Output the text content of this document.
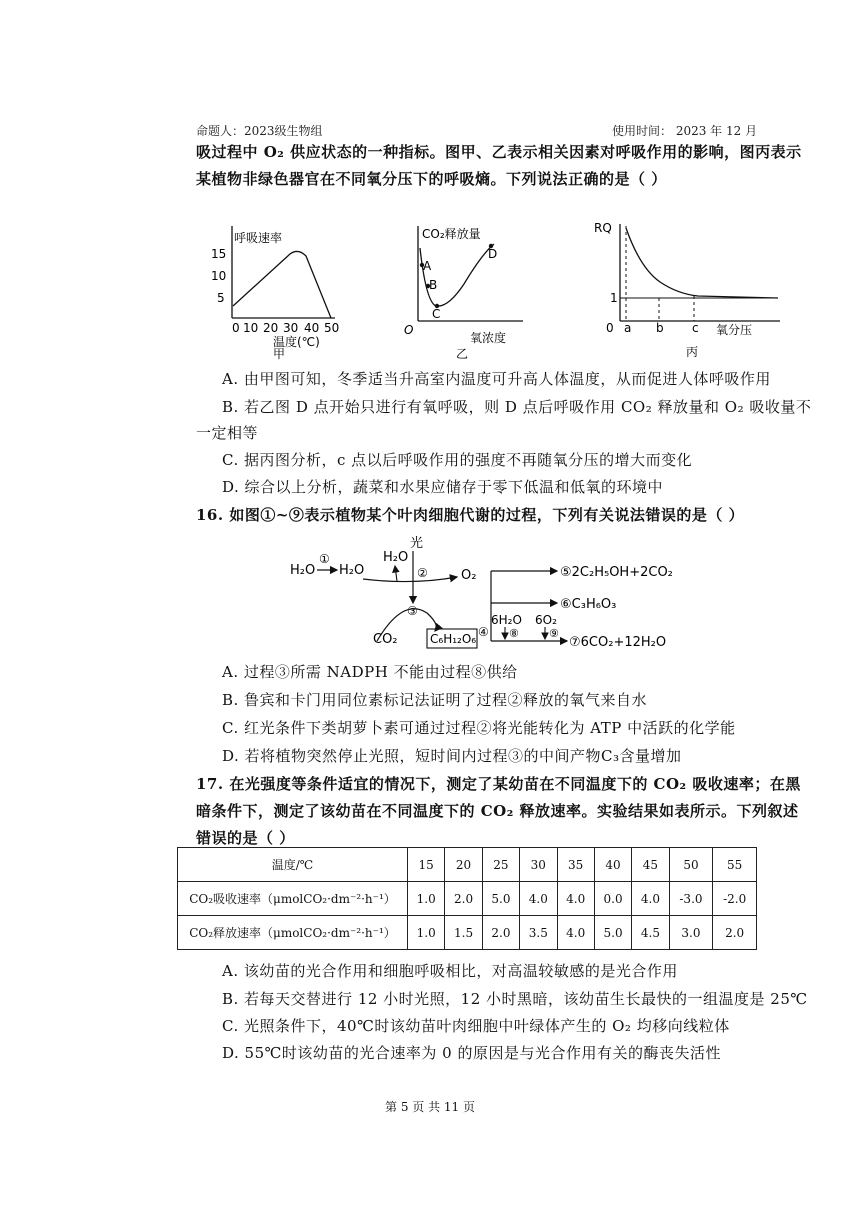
命题人：2023级生物组	使用时间： 2023 年 12 月
吸过程中 O₂ 供应状态的一种指标。图甲、乙表示相关因素对呼吸作用的影响，图丙表示
某植物非绿色器官在不同氧分压下的呼吸熵。下列说法正确的是（ ）
呼吸速率
15
10
5
0 10 20 30 40 50
温度(℃)
甲
CO₂释放量
A
B
C
D
O
氧浓度
乙
RQ
1
0 a b c 氧分压
丙
A. 由甲图可知，冬季适当升高室内温度可升高人体温度，从而促进人体呼吸作用
B. 若乙图 D 点开始只进行有氧呼吸，则 D 点后呼吸作用 CO₂ 释放量和 O₂ 吸收量不
一定相等
C. 据丙图分析，c 点以后呼吸作用的强度不再随氧分压的增大而变化
D. 综合以上分析，蔬菜和水果应储存于零下低温和低氧的环境中
16. 如图①~⑨表示植物某个叶肉细胞代谢的过程，下列有关说法错误的是（ ）
H₂O
①
H₂O
光
H₂O
②	O₂
③
CO₂	C₆H₁₂O₆ ④
⑤2C₂H₅OH+2CO₂
⑥C₃H₆O₃
6H₂O 6O₂
⑧	⑨
⑦6CO₂+12H₂O
A. 过程③所需 NADPH 不能由过程⑧供给
B. 鲁宾和卡门用同位素标记法证明了过程②释放的氧气来自水
C. 红光条件下类胡萝卜素可通过过程②将光能转化为 ATP 中活跃的化学能
D. 若将植物突然停止光照，短时间内过程③的中间产物C₃含量增加
17. 在光强度等条件适宜的情况下，测定了某幼苗在不同温度下的 CO₂ 吸收速率；在黑
暗条件下，测定了该幼苗在不同温度下的 CO₂ 释放速率。实验结果如表所示。下列叙述
错误的是（ ）
温度/℃	15	20	25	30	35	40	45	50	55
CO₂吸收速率（μmolCO₂·dm⁻²·h⁻¹）	1.0	2.0	5.0	4.0	4.0	0.0	4.0	-3.0	-2.0
CO₂释放速率（μmolCO₂·dm⁻²·h⁻¹）	1.0	1.5	2.0	3.5	4.0	5.0	4.5	3.0	2.0
A. 该幼苗的光合作用和细胞呼吸相比，对高温较敏感的是光合作用
B. 若每天交替进行 12 小时光照，12 小时黑暗，该幼苗生长最快的一组温度是 25℃
C. 光照条件下，40℃时该幼苗叶肉细胞中叶绿体产生的 O₂ 均移向线粒体
D. 55℃时该幼苗的光合速率为 0 的原因是与光合作用有关的酶丧失活性
第 5 页 共 11 页
